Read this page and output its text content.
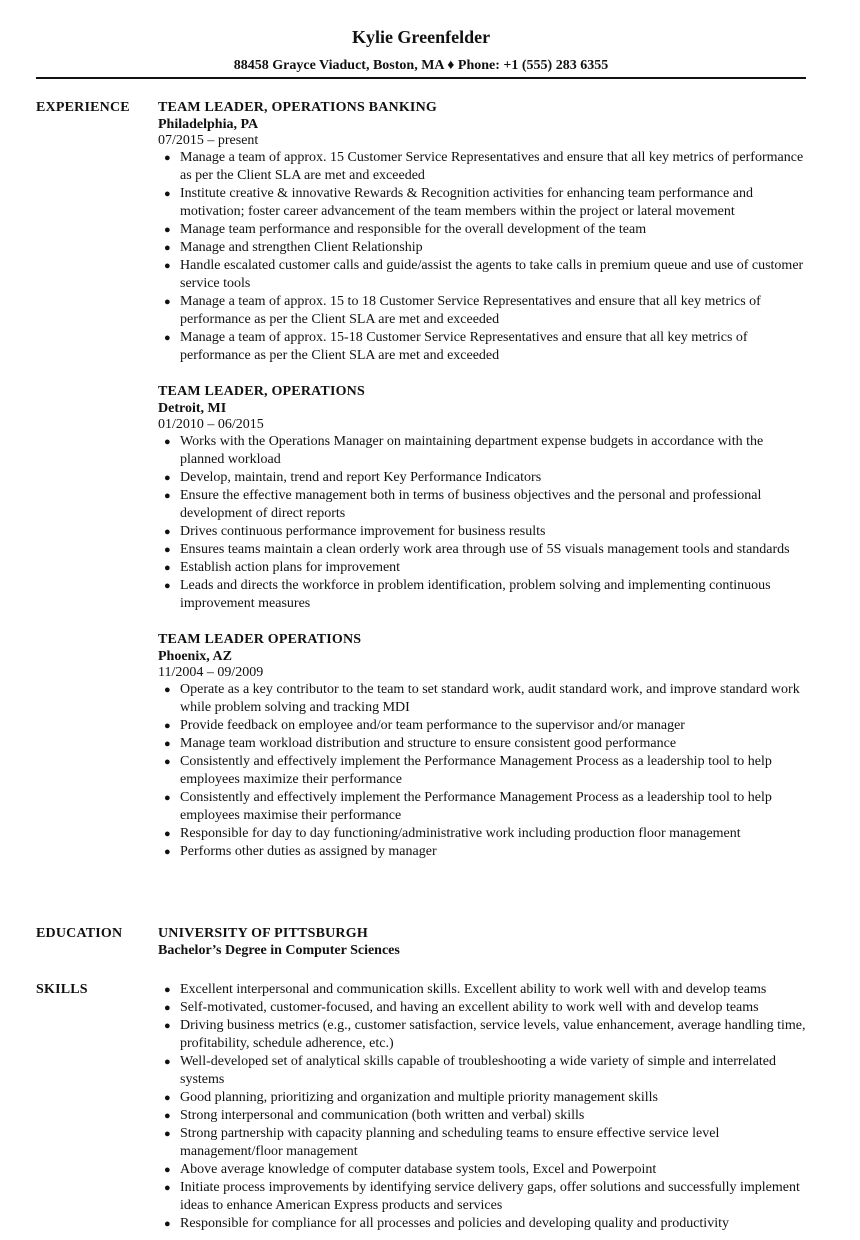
Kylie Greenfelder
88458 Grayce Viaduct, Boston, MA ♦ Phone: +1 (555) 283 6355
EXPERIENCE TEAM LEADER, OPERATIONS BANKING
Philadelphia, PA
07/2015 – present
● Manage a team of approx. 15 Customer Service Representatives and ensure that all key metrics of performance as per the Client SLA are met and exceeded
● Institute creative & innovative Rewards & Recognition activities for enhancing team performance and motivation; foster career advancement of the team members within the project or lateral movement
● Manage team performance and responsible for the overall development of the team
● Manage and strengthen Client Relationship
● Handle escalated customer calls and guide/assist the agents to take calls in premium queue and use of customer service tools
● Manage a team of approx. 15 to 18 Customer Service Representatives and ensure that all key metrics of performance as per the Client SLA are met and exceeded
● Manage a team of approx. 15-18 Customer Service Representatives and ensure that all key metrics of performance as per the Client SLA are met and exceeded
TEAM LEADER, OPERATIONS
Detroit, MI
01/2010 – 06/2015
● Works with the Operations Manager on maintaining department expense budgets in accordance with the planned workload
● Develop, maintain, trend and report Key Performance Indicators
● Ensure the effective management both in terms of business objectives and the personal and professional development of direct reports
● Drives continuous performance improvement for business results
● Ensures teams maintain a clean orderly work area through use of 5S visuals management tools and standards
● Establish action plans for improvement
● Leads and directs the workforce in problem identification, problem solving and implementing continuous improvement measures
TEAM LEADER OPERATIONS
Phoenix, AZ
11/2004 – 09/2009
● Operate as a key contributor to the team to set standard work, audit standard work, and improve standard work while problem solving and tracking MDI
● Provide feedback on employee and/or team performance to the supervisor and/or manager
● Manage team workload distribution and structure to ensure consistent good performance
● Consistently and effectively implement the Performance Management Process as a leadership tool to help employees maximize their performance
● Consistently and effectively implement the Performance Management Process as a leadership tool to help employees maximise their performance
● Responsible for day to day functioning/administrative work including production floor management
● Performs other duties as assigned by manager
EDUCATION	UNIVERSITY OF PITTSBURGH
Bachelor’s Degree in Computer Sciences
SKILLS	● Excellent interpersonal and communication skills. Excellent ability to work well with and develop teams
● Self-motivated, customer-focused, and having an excellent ability to work well with and develop teams
● Driving business metrics (e.g., customer satisfaction, service levels, value enhancement, average handling time, profitability, schedule adherence, etc.)
● Well-developed set of analytical skills capable of troubleshooting a wide variety of simple and interrelated systems
● Good planning, prioritizing and organization and multiple priority management skills
● Strong interpersonal and communication (both written and verbal) skills
● Strong partnership with capacity planning and scheduling teams to ensure effective service level management/floor management
● Above average knowledge of computer database system tools, Excel and Powerpoint
● Initiate process improvements by identifying service delivery gaps, offer solutions and successfully implement ideas to enhance American Express products and services
● Responsible for compliance for all processes and policies and developing quality and productivity
